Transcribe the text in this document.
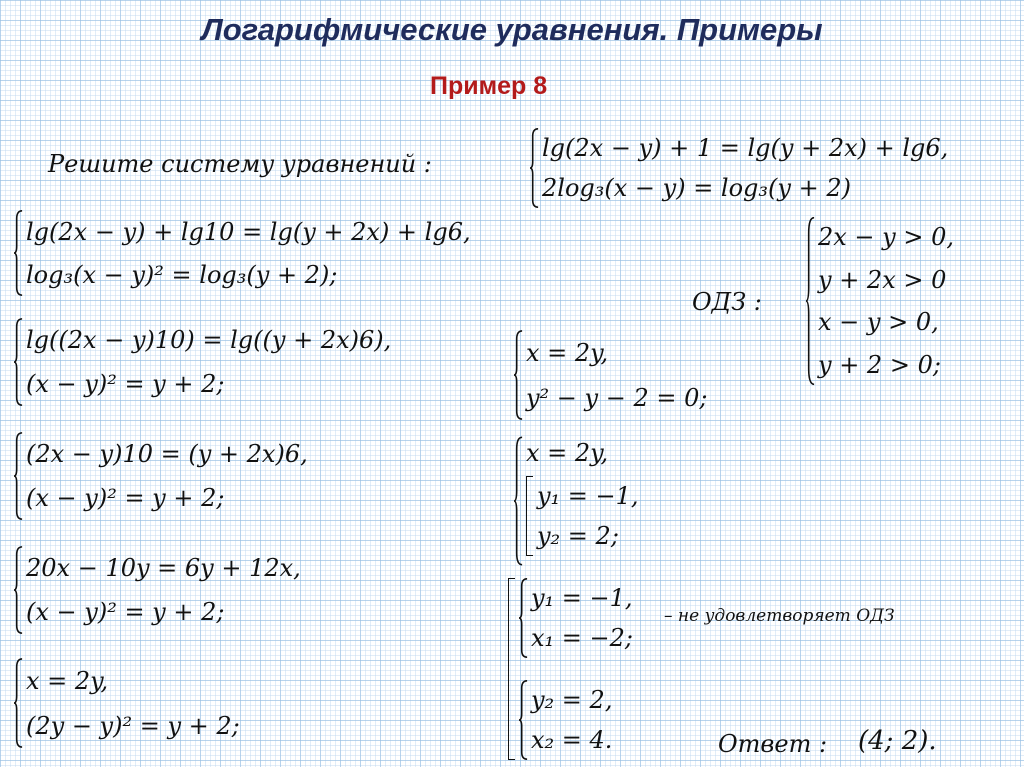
Логарифмические уравнения. Примеры
Пример 8
Решите систему уравнений :
lg(2x − y) + 1 = lg(y + 2x) + lg6,
2log₃(x − y) = log₃(y + 2)
ОДЗ :
2x − y > 0,
y + 2x > 0
x − y > 0,
y + 2 > 0;
lg(2x − y) + lg10 = lg(y + 2x) + lg6,
log₃(x − y)² = log₃(y + 2);
lg((2x − y)10) = lg((y + 2x)6),
(x − y)² = y + 2;
(2x − y)10 = (y + 2x)6,
(x − y)² = y + 2;
20x − 10y = 6y + 12x,
(x − y)² = y + 2;
x = 2y,
(2y − y)² = y + 2;
x = 2y,
y² − y − 2 = 0;
x = 2y,
y₁ = −1,
y₂ = 2;
y₁ = −1,
x₁ = −2;
y₂ = 2,
x₂ = 4.
– не удовлетворяет ОДЗ
Ответ : (4; 2).
